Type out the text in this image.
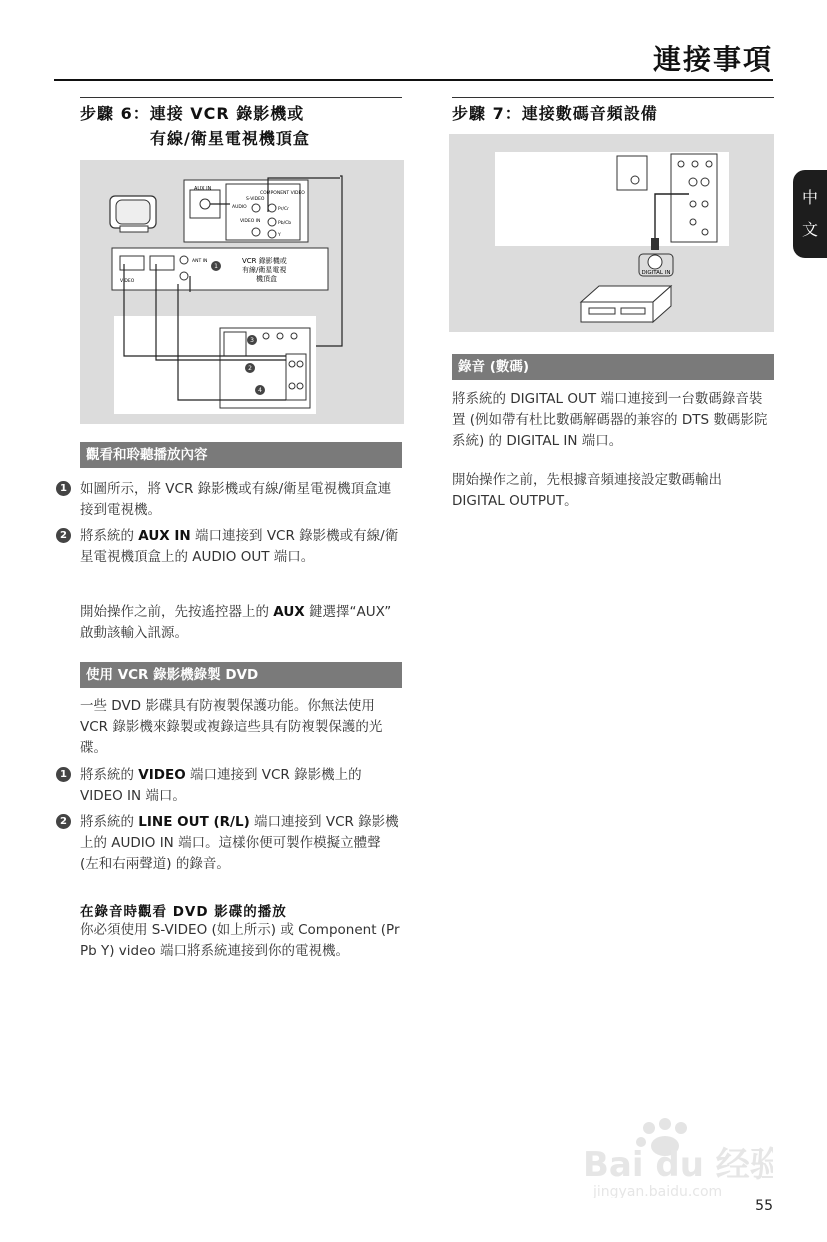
連接事項
中
文
步驟 6：連接 VCR 錄影機或
有線/衛星電視機頂盒
AUX IN
COMPONENT VIDEO
S-VIDEO
AUDIO
VIDEO IN
Pr/Cr
Pb/Cb
Y
ANT IN
VIDEO
1
VCR 錄影機或
有線/衛星電視
機頂盒
3
2
4
觀看和聆聽播放內容
1 如圖所示，將 VCR 錄影機或有線/衛星電視機頂盒連接到電視機。
2 將系統的 AUX IN 端口連接到 VCR 錄影機或有線/衛星電視機頂盒上的 AUDIO OUT 端口。
開始操作之前，先按遙控器上的 AUX 鍵選擇“AUX” 啟動該輸入訊源。
使用 VCR 錄影機錄製 DVD
一些 DVD 影碟具有防複製保護功能。你無法使用 VCR 錄影機來錄製或複錄這些具有防複製保護的光碟。
1 將系統的 VIDEO 端口連接到 VCR 錄影機上的 VIDEO IN 端口。
2 將系統的 LINE OUT (R/L) 端口連接到 VCR 錄影機上的 AUDIO IN 端口。這樣你便可製作模擬立體聲 (左和右兩聲道) 的錄音。
在錄音時觀看 DVD 影碟的播放
你必須使用 S-VIDEO (如上所示) 或 Component (Pr Pb Y) video 端口將系統連接到你的電視機。
步驟 7：連接數碼音頻設備
DIGITAL IN
錄音 (數碼)
將系統的 DIGITAL OUT 端口連接到一台數碼錄音裝置 (例如帶有杜比數碼解碼器的兼容的 DTS 數碼影院系統) 的 DIGITAL IN 端口。
開始操作之前，先根據音頻連接設定數碼輸出 DIGITAL OUTPUT。
Bai du 经验
jingyan.baidu.com
55
